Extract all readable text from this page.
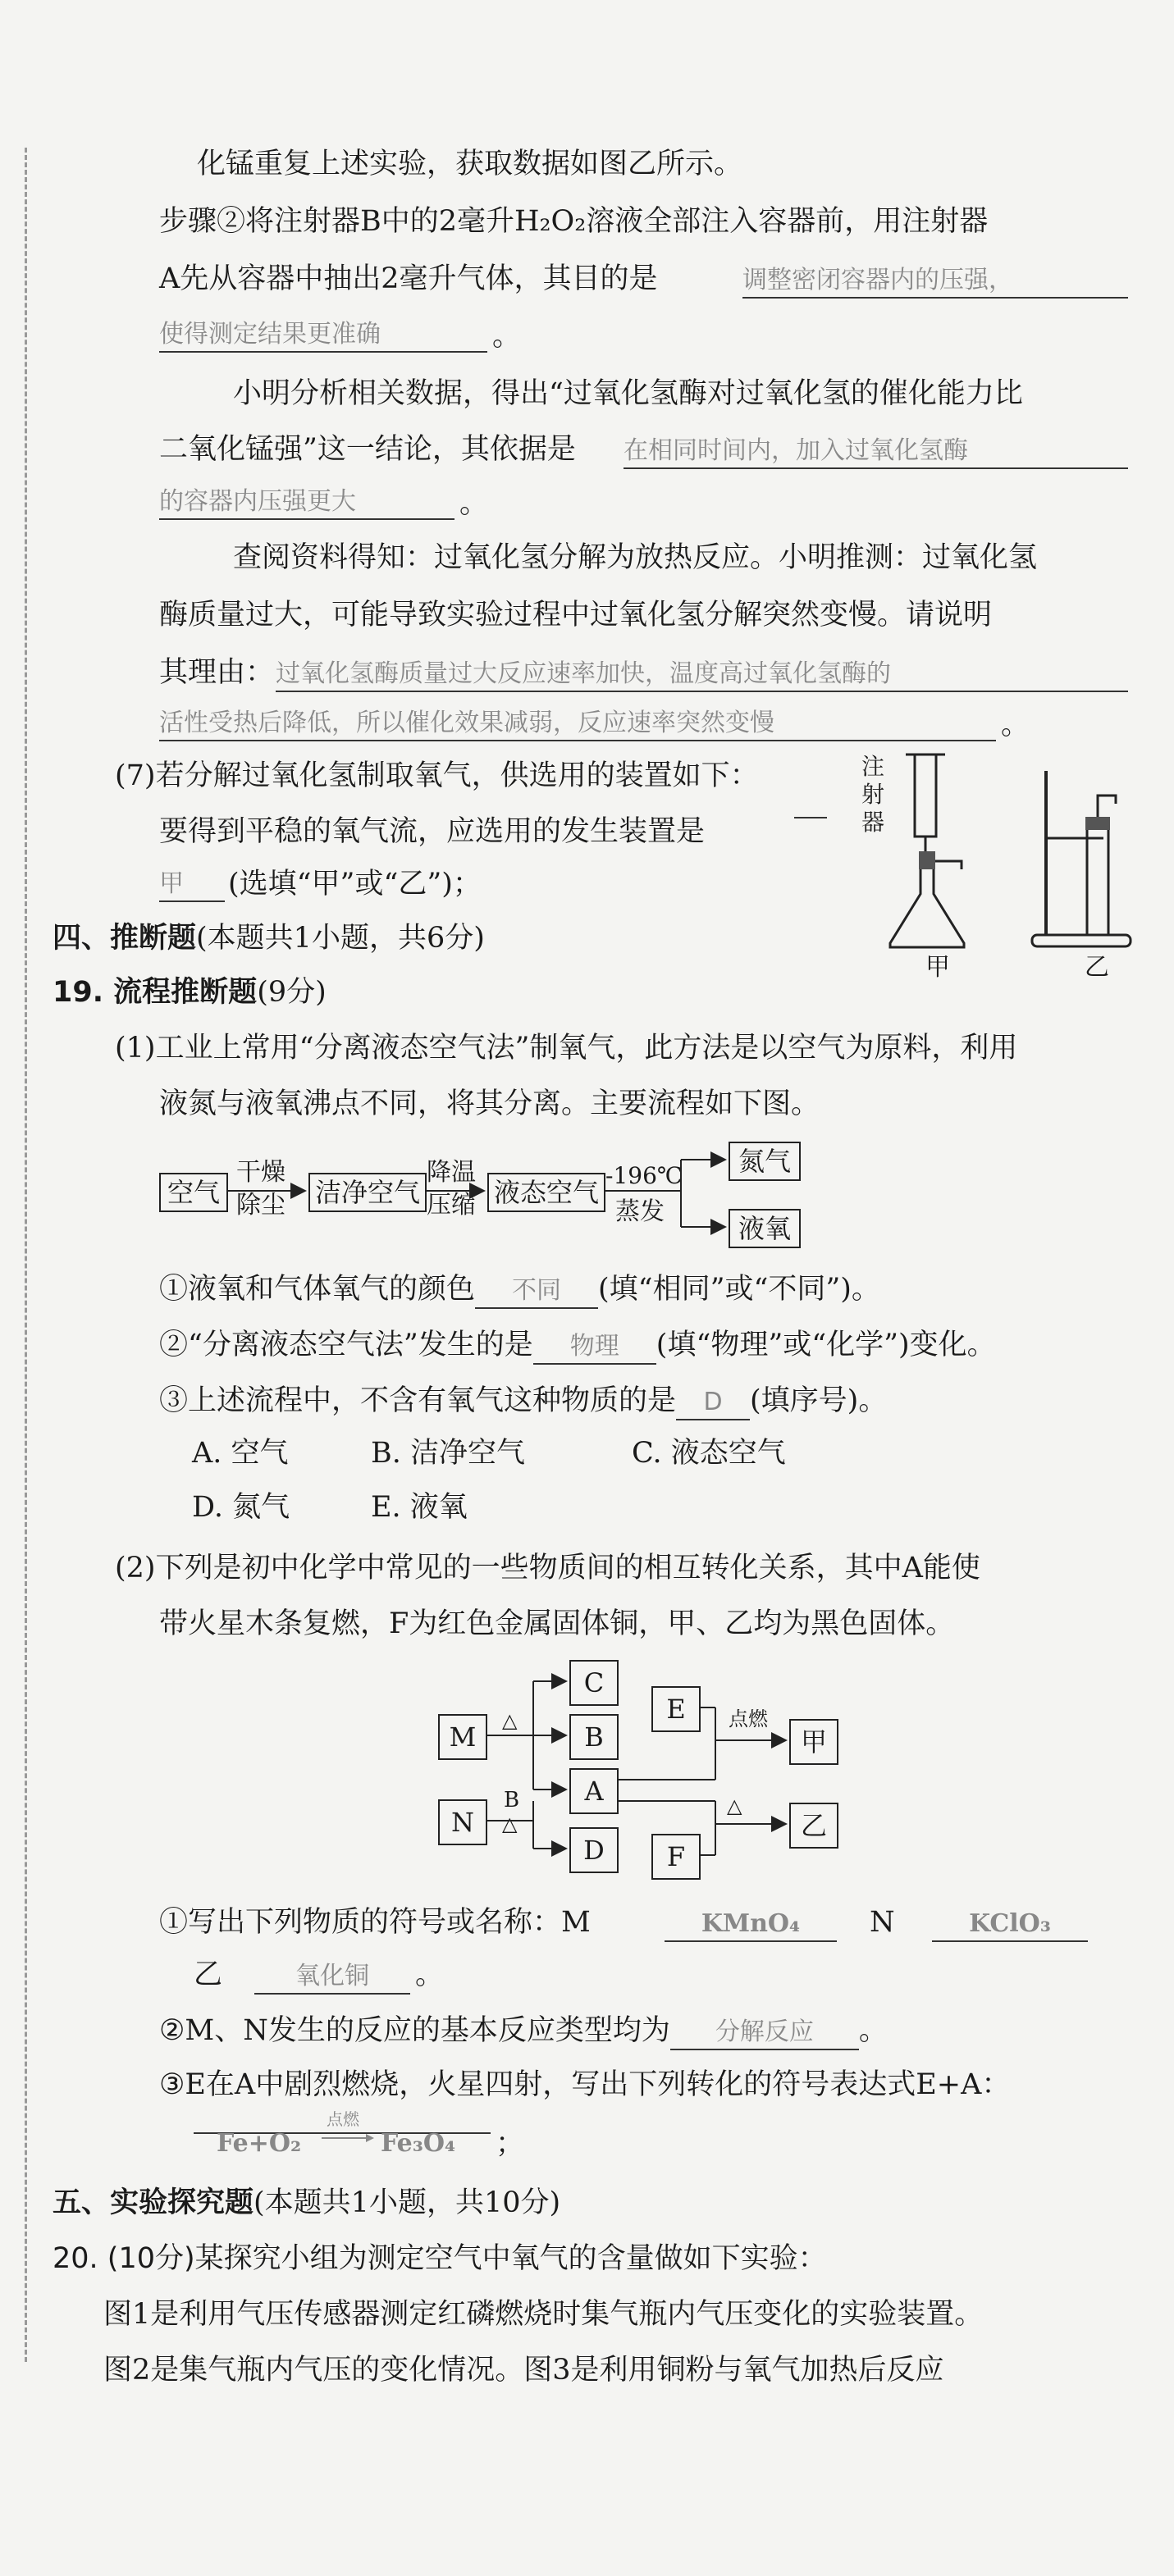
化锰重复上述实验，获取数据如图乙所示。
步骤②将注射器B中的2毫升H₂O₂溶液全部注入容器前，用注射器
A先从容器中抽出2毫升气体，其目的是	调整密闭容器内的压强，
使得测定结果更准确	。
小明分析相关数据，得出“过氧化氢酶对过氧化氢的催化能力比
二氧化锰强”这一结论，其依据是 在相同时间内，加入过氧化氢酶
的容器内压强更大	。
查阅资料得知：过氧化氢分解为放热反应。小明推测：过氧化氢
酶质量过大，可能导致实验过程中过氧化氢分解突然变慢。请说明
其理由： 过氧化氢酶质量过大反应速率加快，温度高过氧化氢酶的
活性受热后降低，所以催化效果减弱，反应速率突然变慢	。
(7)若分解过氧化氢制取氧气，供选用的装置如下：
要得到平稳的氧气流，应选用的发生装置是
甲	(选填“甲”或“乙”)；
注射器
甲	乙
四、推断题(本题共1小题，共6分)
19. 流程推断题(9分)
(1)工业上常用“分离液态空气法”制氧气，此方法是以空气为原料，利用
液氮与液氧沸点不同，将其分离。主要流程如下图。
空气
干燥
除尘 洁净空气
降温
压缩 液态空气
-196℃
蒸发
氮气
液氧
①液氧和气体氧气的颜色 不同 (填“相同”或“不同”)。
②“分离液态空气法”发生的是 物理 (填“物理”或“化学”)变化。
③上述流程中，不含有氧气这种物质的是 D (填序号)。
A. 空气	B. 洁净空气	C. 液态空气
D. 氮气	E. 液氧
(2)下列是初中化学中常见的一些物质间的相互转化关系，其中A能使
带火星木条复燃，F为红色金属固体铜，甲、乙均为黑色固体。
M
N
C
B
A
D
E
F
甲
乙
△
B
△
点燃
△
①写出下列物质的符号或名称：M	KMnO₄	N	KClO₃
乙	氧化铜	。
②M、N发生的反应的基本反应类型均为 分解反应 。
③E在A中剧烈燃烧，火星四射，写出下列转化的符号表达式E+A：
Fe+O₂
点燃
Fe₃O₄ ；
五、实验探究题(本题共1小题，共10分)
20. (10分)某探究小组为测定空气中氧气的含量做如下实验：
图1是利用气压传感器测定红磷燃烧时集气瓶内气压变化的实验装置。
图2是集气瓶内气压的变化情况。图3是利用铜粉与氧气加热后反应
